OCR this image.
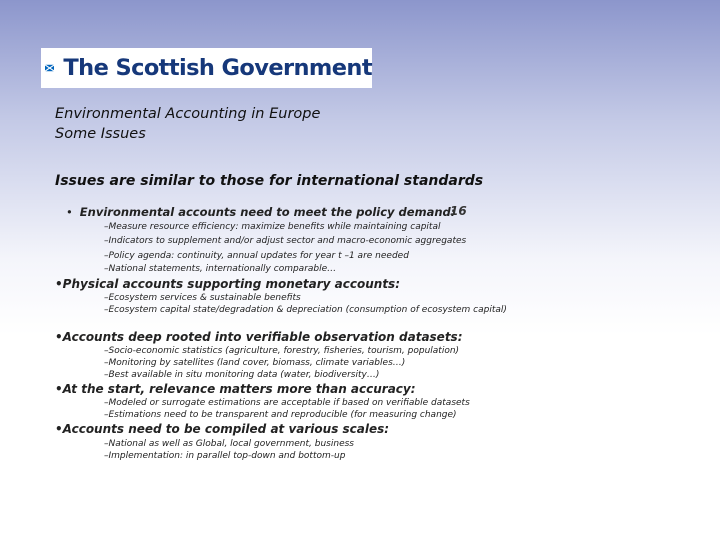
The Scottish Government
Environmental Accounting in Europe
Some Issues
Issues are similar to those for international standards
• Environmental accounts need to meet the policy demand:
16
–Measure resource efficiency: maximize benefits while maintaining capital
–Indicators to supplement and/or adjust sector and macro-economic aggregates
–Policy agenda: continuity, annual updates for year t –1 are needed
–National statements, internationally comparable…
•Physical accounts supporting monetary accounts:
–Ecosystem services & sustainable benefits
–Ecosystem capital state/degradation & depreciation (consumption of ecosystem capital)
•Accounts deep rooted into verifiable observation datasets:
–Socio-economic statistics (agriculture, forestry, fisheries, tourism, population)
–Monitoring by satellites (land cover, biomass, climate variables…)
–Best available in situ monitoring data (water, biodiversity…)
•At the start, relevance matters more than accuracy:
–Modeled or surrogate estimations are acceptable if based on verifiable datasets
–Estimations need to be transparent and reproducible (for measuring change)
•Accounts need to be compiled at various scales:
–National as well as Global, local government, business
–Implementation: in parallel top-down and bottom-up
